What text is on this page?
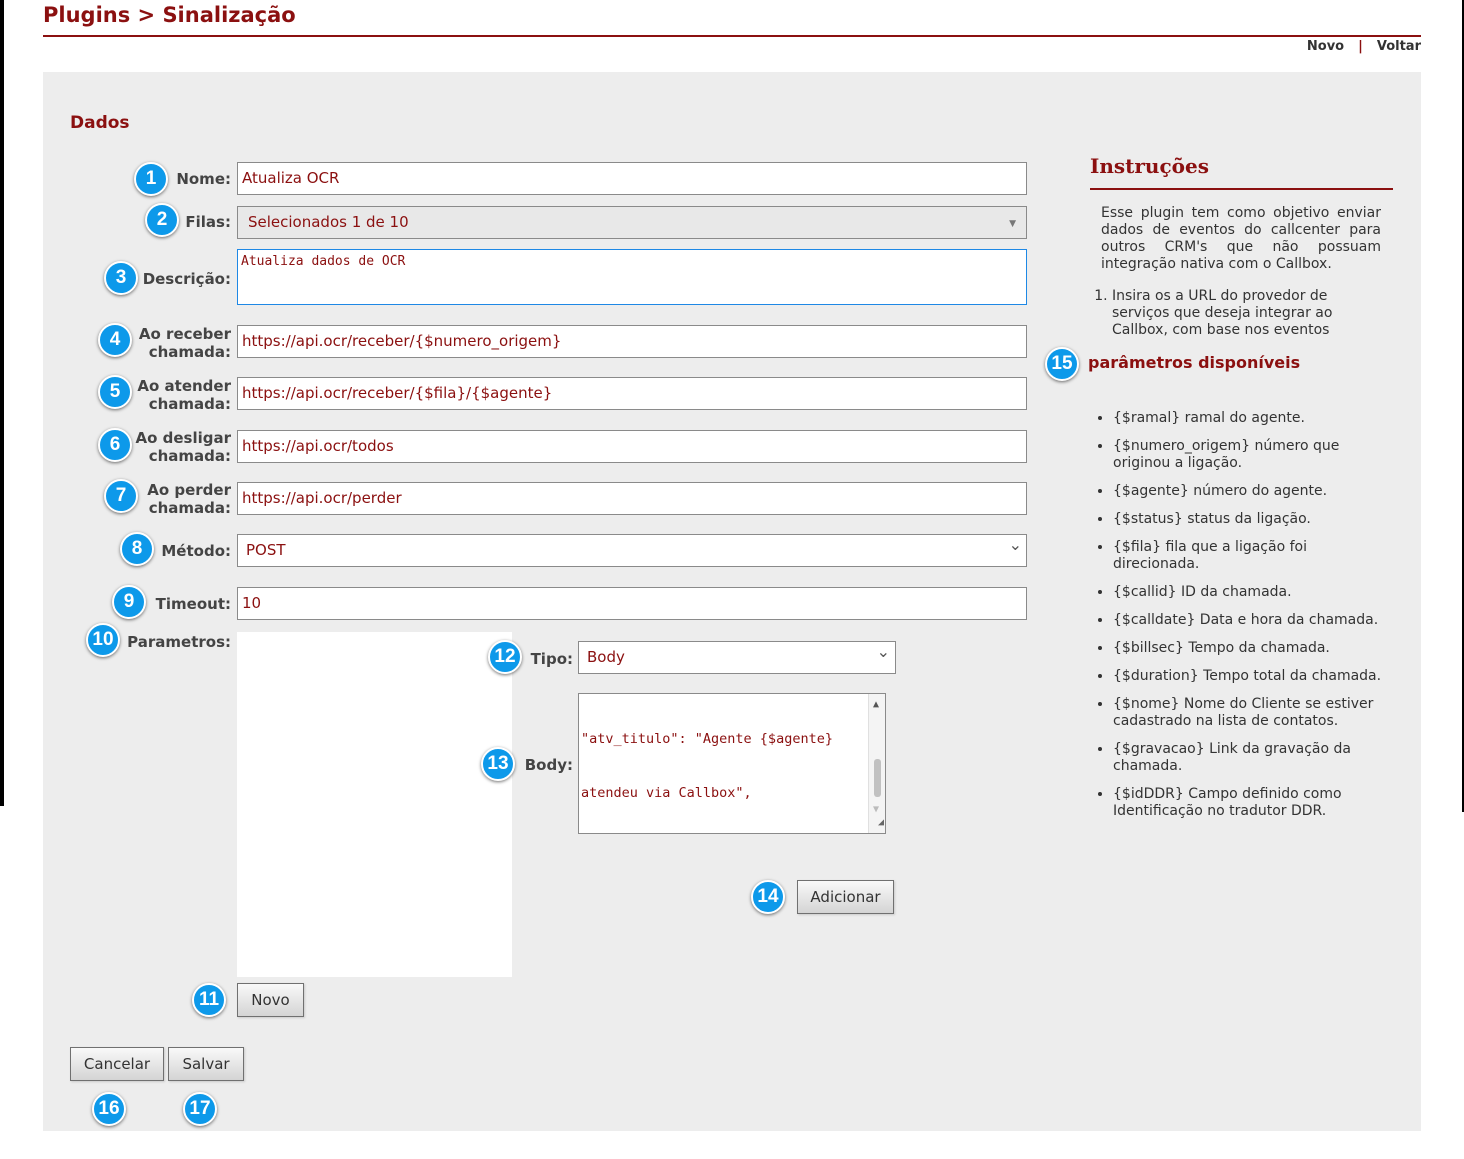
Plugins > Sinalização
Novo | Voltar
Dados
1	Nome: Atualiza OCR
2	Filas:	Selecionados 1 de 10 ▼
3	Descrição:
Atualiza dados de OCR
4	Ao receber
chamada:
https://api.ocr/receber/{$numero_origem}
5	Ao atender
chamada:
https://api.ocr/receber/{$fila}/{$agente}
6	Ao desligar
chamada:
https://api.ocr/todos
7	Ao perder
chamada:
https://api.ocr/perder
8	Método:	POST ⌄
9	Timeout: 10
10 Parametros:
12	Tipo: Body ⌄
13	Body:

"atv_titulo": "Agente {$agente}

atendeu via Callbox",

▲

▼

◢

14	Adicionar
11	Novo
Cancelar	Salvar
16	17
Instruções
Esse plugin tem como objetivo enviar dados de eventos do callcenter para outros CRM's que não possuam integração nativa com o Callbox.
1. Insira os a URL do provedor de serviços que deseja integrar ao Callbox, com base nos eventos
15 parâmetros disponíveis
• {$ramal} ramal do agente.
• {$numero_origem} número que originou a ligação.
• {$agente} número do agente.
• {$status} status da ligação.
• {$fila} fila que a ligação foi direcionada.
• {$callid} ID da chamada.
• {$calldate} Data e hora da chamada.
• {$billsec} Tempo da chamada.
• {$duration} Tempo total da chamada.
• {$nome} Nome do Cliente se estiver cadastrado na lista de contatos.
• {$gravacao} Link da gravação da chamada.
• {$idDDR} Campo definido como Identificação no tradutor DDR.
